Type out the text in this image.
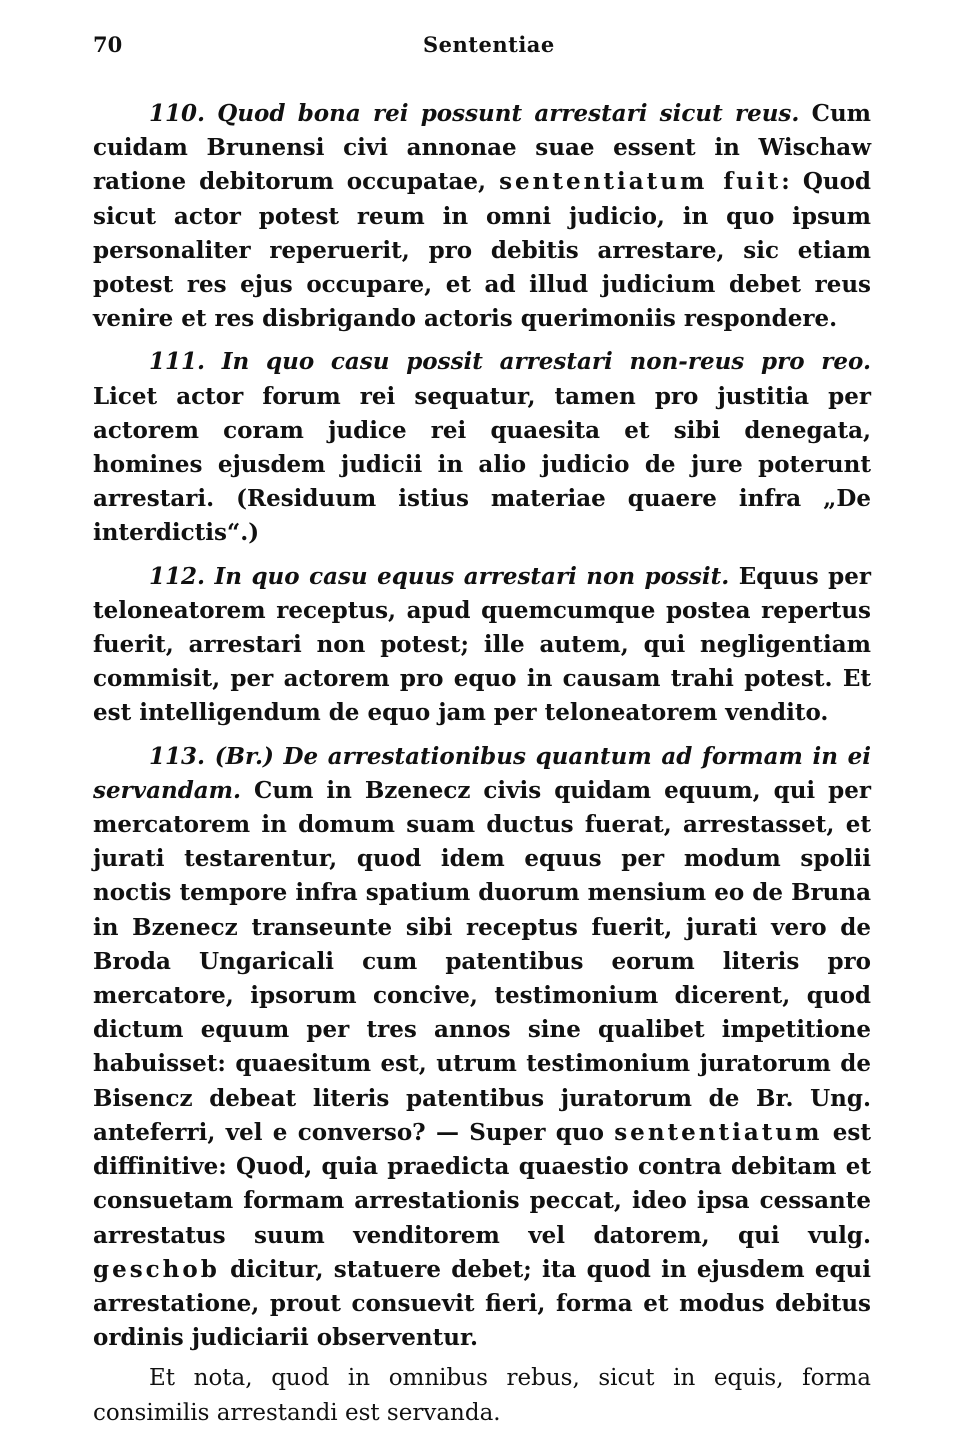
70	Sententiae

110. Quod bona rei possunt arrestari sicut reus. Cum cuidam Brunensi civi annonae suae essent in Wischaw ratione debitorum occupatae, sententiatum fuit: Quod sicut actor potest reum in omni judicio, in quo ipsum personaliter reperuerit, pro debitis arrestare, sic etiam potest res ejus occupare, et ad illud judicium debet reus venire et res disbrigando actoris querimoniis respondere.

111. In quo casu possit arrestari non-reus pro reo. Licet actor forum rei sequatur, tamen pro justitia per actorem coram judice rei quaesita et sibi denegata, homines ejusdem judicii in alio judicio de jure poterunt arrestari. (Residuum istius materiae quaere infra „De interdictis“.)

112. In quo casu equus arrestari non possit. Equus per teloneatorem receptus, apud quemcumque postea repertus fuerit, arrestari non potest; ille autem, qui negligentiam commisit, per actorem pro equo in causam trahi potest. Et est intelligendum de equo jam per teloneatorem vendito.

113. (Br.) De arrestationibus quantum ad formam in ei servandam. Cum in Bzenecz civis quidam equum, qui per mercatorem in domum suam ductus fuerat, arrestasset, et jurati testarentur, quod idem equus per modum spolii noctis tempore infra spatium duorum mensium eo de Bruna in Bzenecz transeunte sibi receptus fuerit, jurati vero de Broda Ungaricali cum patentibus eorum literis pro mercatore, ipsorum concive, testimonium dicerent, quod dictum equum per tres annos sine qualibet impetitione habuisset: quaesitum est, utrum testimonium juratorum de Bisencz debeat literis patentibus juratorum de Br. Ung. anteferri, vel e converso? — Super quo sententiatum est diffinitive: Quod, quia praedicta quaestio contra debitam et consuetam formam arrestationis peccat, ideo ipsa cessante arrestatus suum venditorem vel datorem, qui vulg. geschob dicitur, statuere debet; ita quod in ejusdem equi arrestatione, prout consuevit fieri, forma et modus debitus ordinis judiciarii observentur.

Et nota, quod in omnibus rebus, sicut in equis, forma consimilis arrestandi est servanda.
